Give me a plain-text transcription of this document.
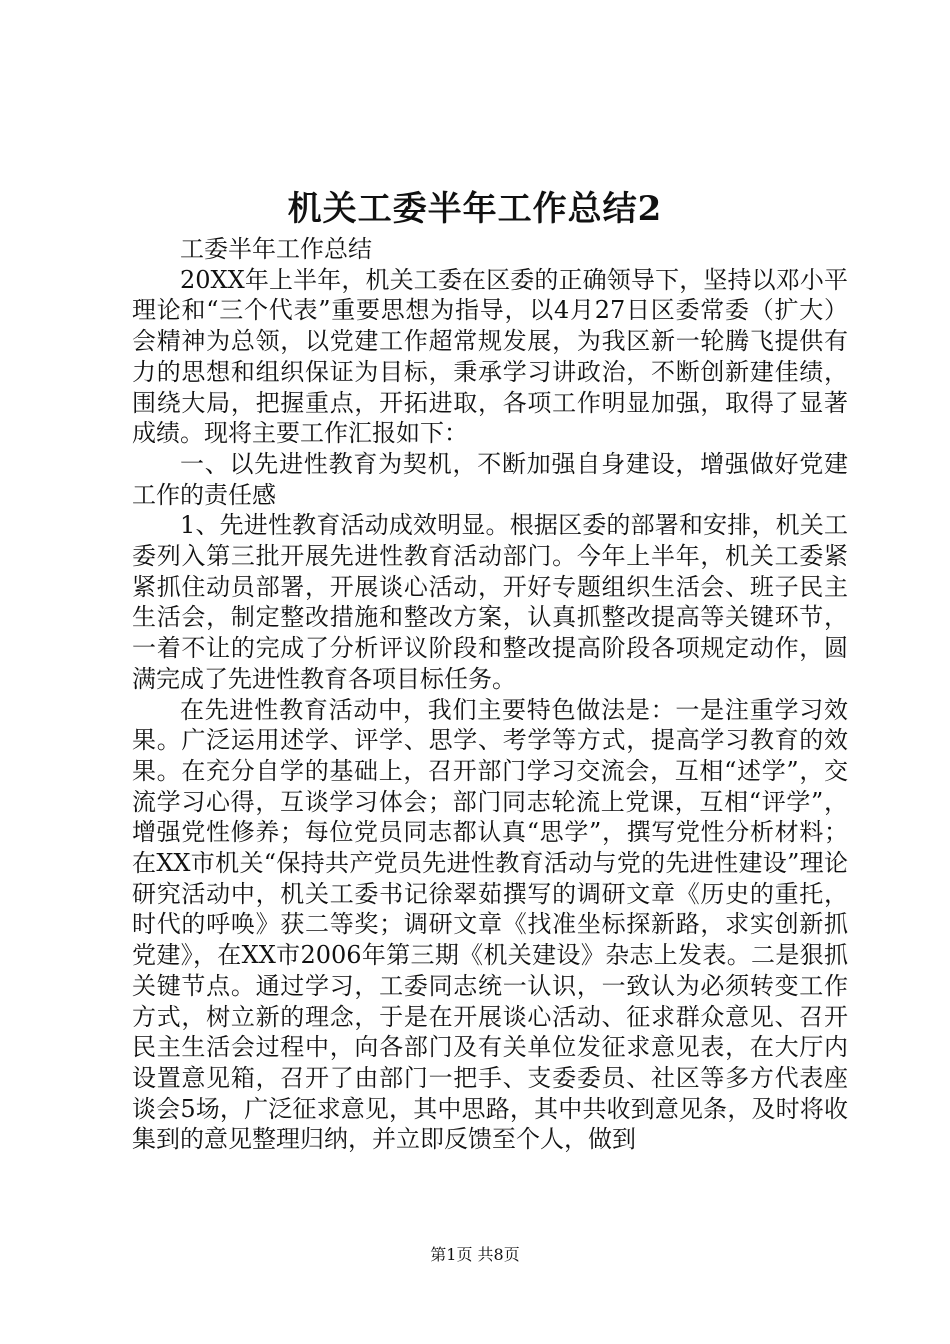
机关工委半年工作总结2

工委半年工作总结

20XX年上半年，机关工委在区委的正确领导下，坚持以邓小平理论和“三个代表”重要思想为指导，以4月27日区委常委（扩大）会精神为总领，以党建工作超常规发展，为我区新一轮腾飞提供有力的思想和组织保证为目标，秉承学习讲政治，不断创新建佳绩，围绕大局，把握重点，开拓进取，各项工作明显加强，取得了显著成绩。现将主要工作汇报如下：

一、以先进性教育为契机，不断加强自身建设，增强做好党建工作的责任感

1、先进性教育活动成效明显。根据区委的部署和安排，机关工委列入第三批开展先进性教育活动部门。今年上半年，机关工委紧紧抓住动员部署，开展谈心活动，开好专题组织生活会、班子民主生活会，制定整改措施和整改方案，认真抓整改提高等关键环节，一着不让的完成了分析评议阶段和整改提高阶段各项规定动作，圆满完成了先进性教育各项目标任务。

在先进性教育活动中，我们主要特色做法是：一是注重学习效果。广泛运用述学、评学、思学、考学等方式，提高学习教育的效果。在充分自学的基础上，召开部门学习交流会，互相“述学”，交流学习心得，互谈学习体会；部门同志轮流上党课，互相“评学”，增强党性修养；每位党员同志都认真“思学”，撰写党性分析材料；在XX市机关“保持共产党员先进性教育活动与党的先进性建设”理论研究活动中，机关工委书记徐翠茹撰写的调研文章《历史的重托，时代的呼唤》获二等奖；调研文章《找准坐标探新路，求实创新抓党建》，在XX市2006年第三期《机关建设》杂志上发表。二是狠抓关键节点。通过学习，工委同志统一认识，一致认为必须转变工作方式，树立新的理念，于是在开展谈心活动、征求群众意见、召开民主生活会过程中，向各部门及有关单位发征求意见表，在大厅内设置意见箱，召开了由部门一把手、支委委员、社区等多方代表座谈会5场，广泛征求意见，其中思路，其中共收到意见条，及时将收集到的意见整理归纳，并立即反馈至个人，做到

第1页 共8页
